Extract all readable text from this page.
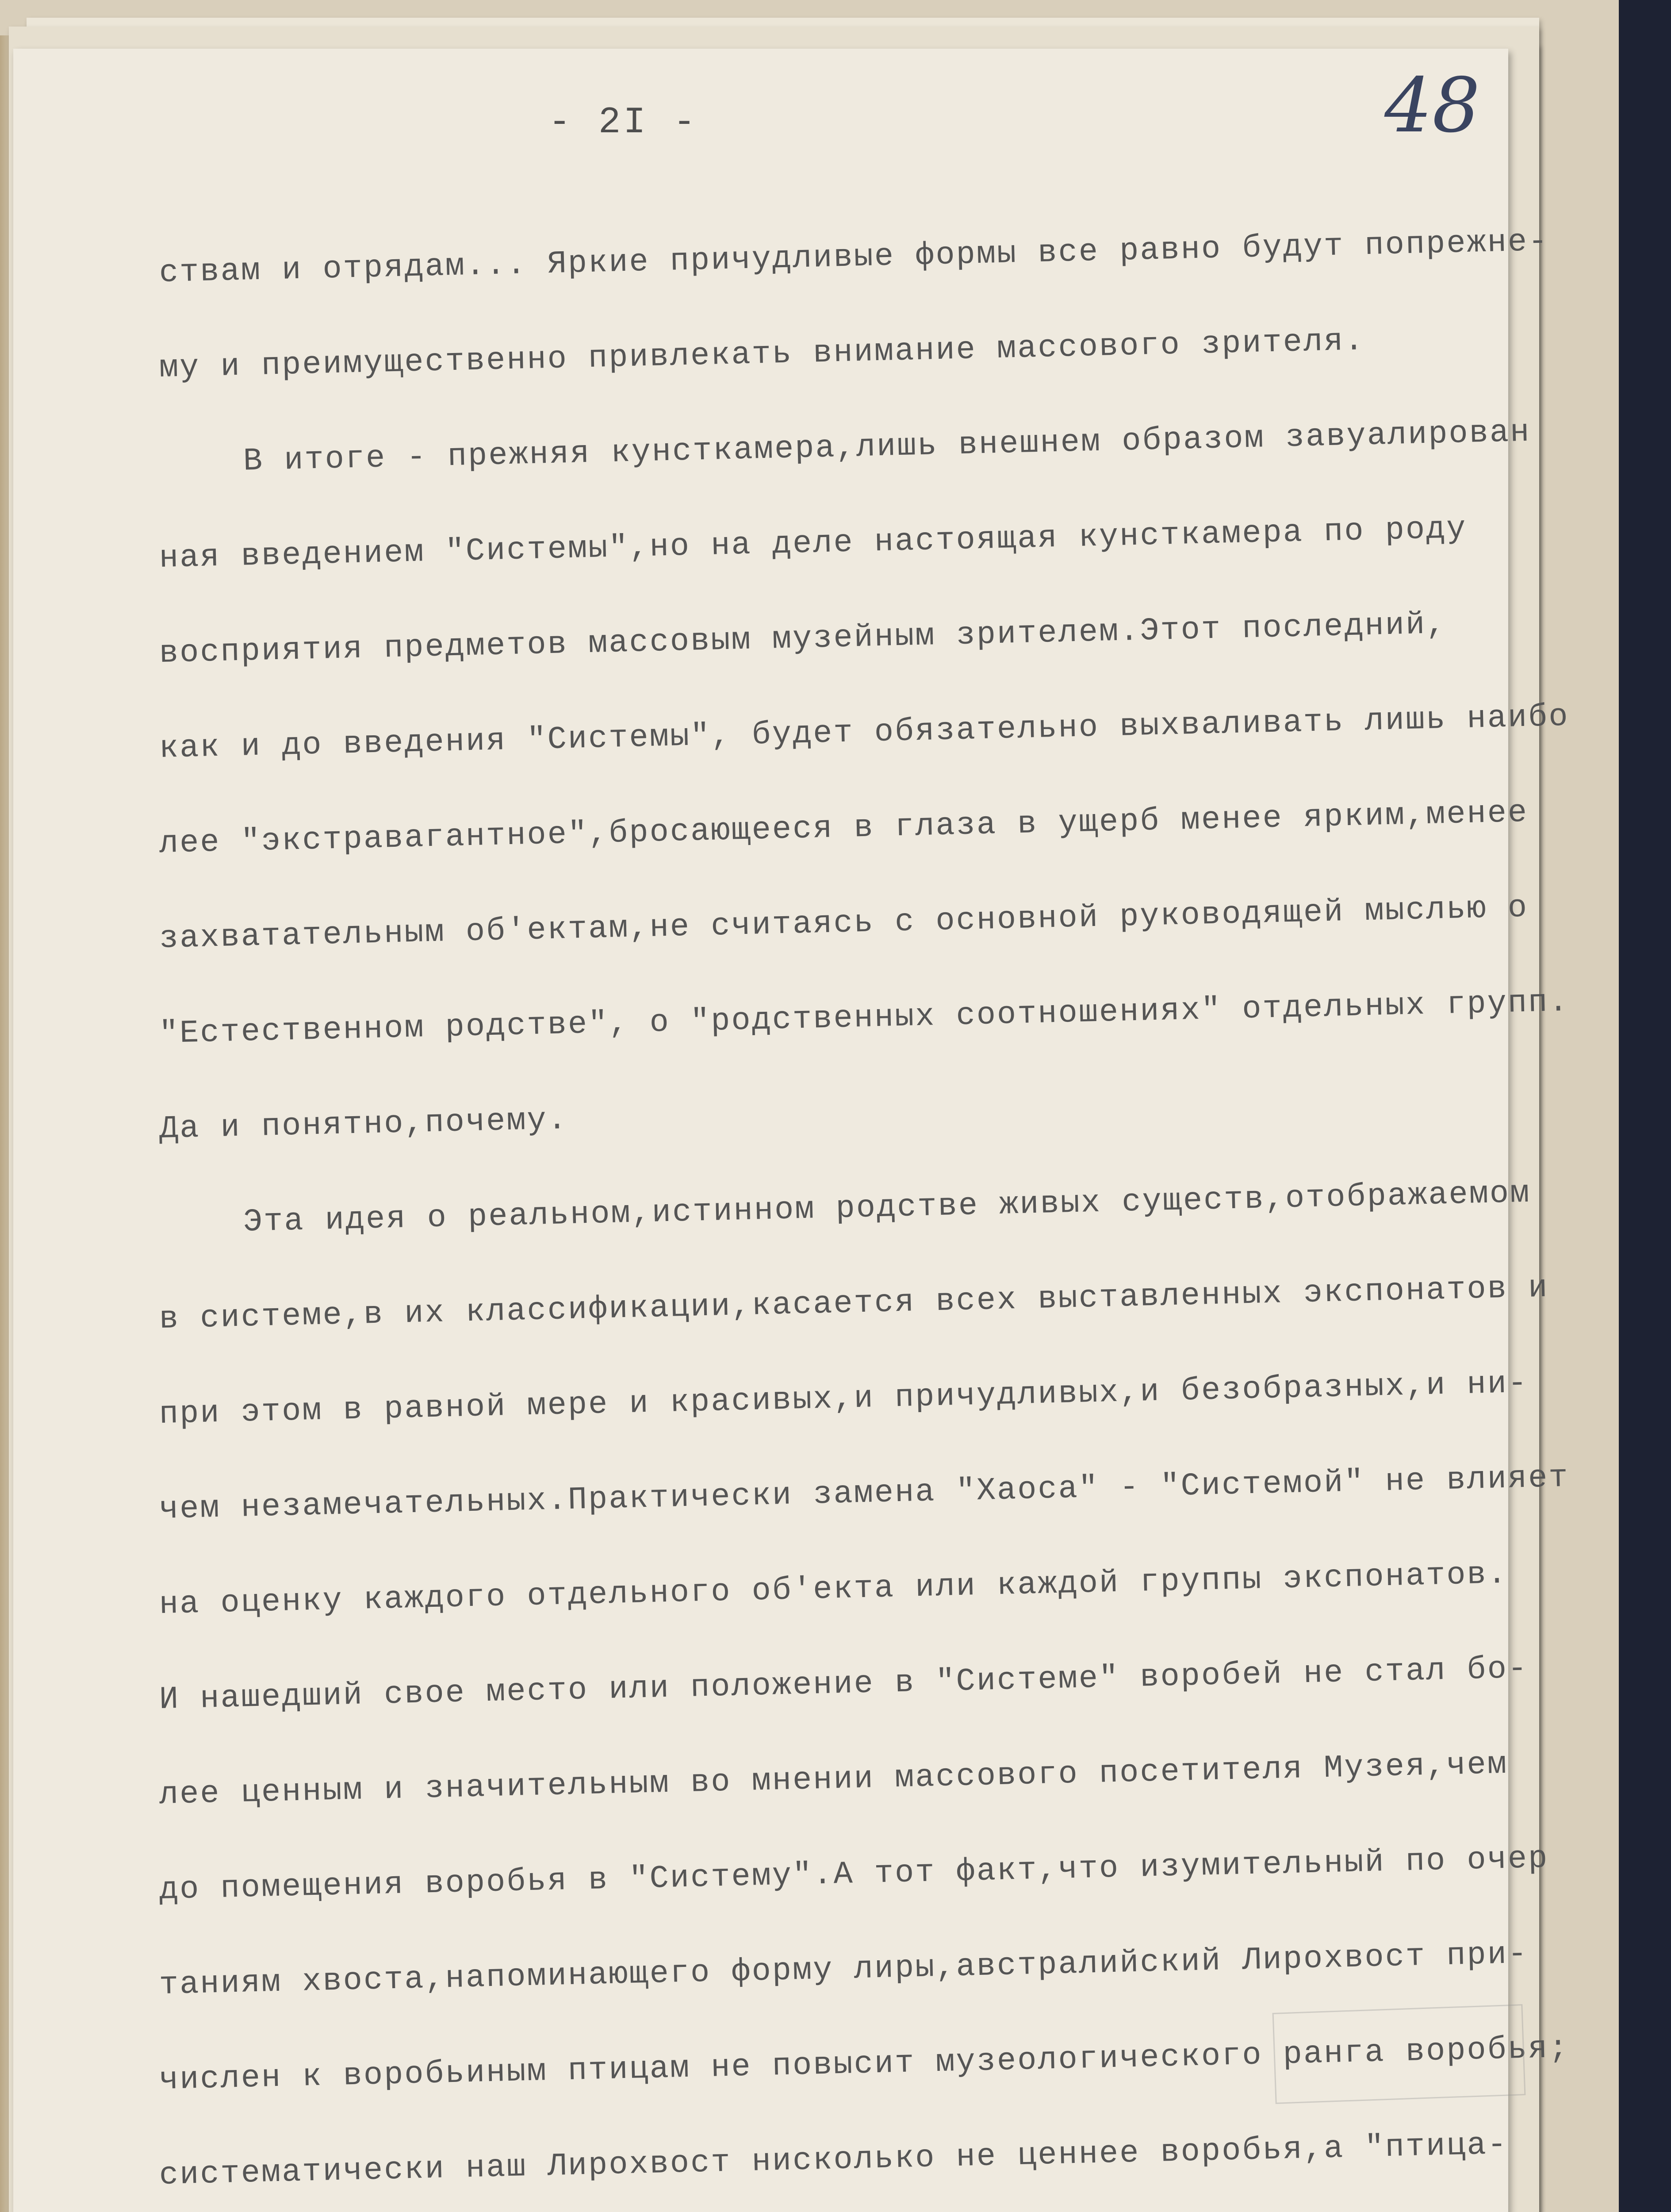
- 2I -	48
ствам и отрядам... Яркие причудливые формы все равно будут попрежне-
му и преимущественно привлекать внимание массового зрителя.
В итоге - прежняя кунсткамера,лишь внешнем образом завуалирован
ная введением "Системы",но на деле настоящая кунсткамера по роду
восприятия предметов массовым музейным зрителем.Этот последний,
как и до введения "Системы", будет обязательно выхваливать лишь наибо
лее "экстравагантное",бросающееся в глаза в ущерб менее ярким,менее
захватательным об'ектам,не считаясь с основной руководящей мыслью о
"Естественном родстве", о "родственных соотношениях" отдельных групп.
Да и понятно,почему.
Эта идея о реальном,истинном родстве живых существ,отображаемом
в системе,в их классификации,касается всех выставленных экспонатов и
при этом в равной мере и красивых,и причудливых,и безобразных,и ни-
чем незамечательных.Практически замена "Хаоса" - "Системой" не влияет
на оценку каждого отдельного об'екта или каждой группы экспонатов.
И нашедший свое место или положение в "Системе" воробей не стал бо-
лее ценным и значительным во мнении массового посетителя Музея,чем
до помещения воробья в "Систему".А тот факт,что изумительный по очер
таниям хвоста,напоминающего форму лиры,австралийский Лирохвост при-
числен к воробьиным птицам не повысит музеологического ранга воробья;
систематически наш Лирохвост нисколько не ценнее воробья,а "птица-
